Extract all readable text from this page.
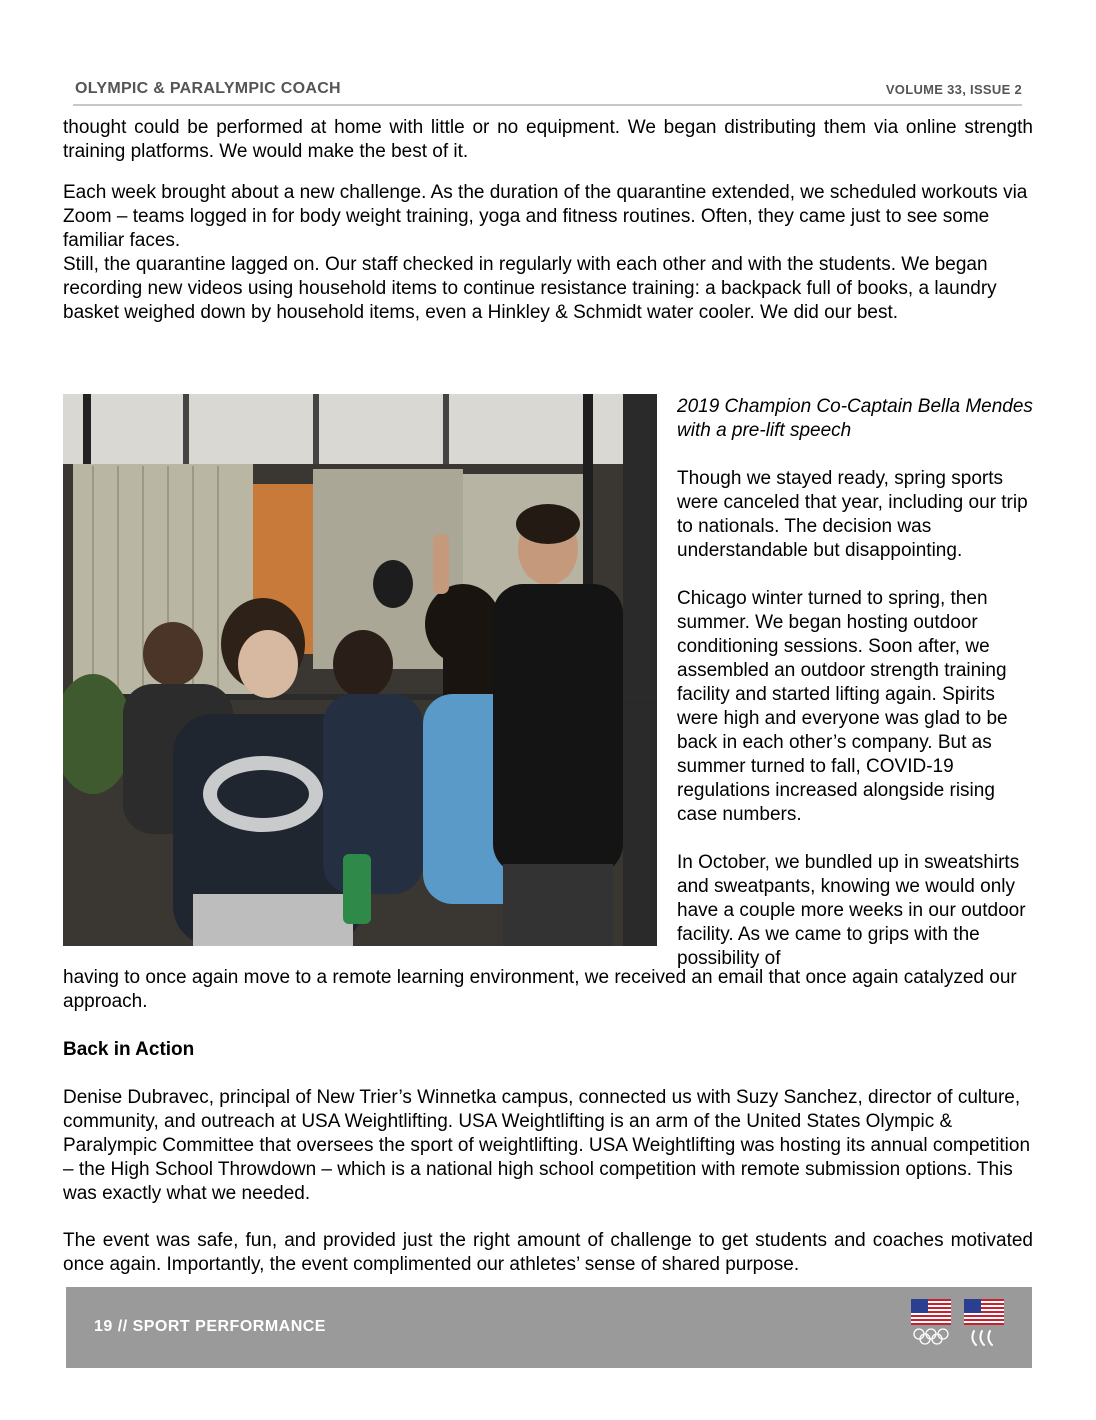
OLYMPIC & PARALYMPIC COACH	VOLUME 33, ISSUE 2

thought could be performed at home with little or no equipment. We began distributing them via online strength training platforms. We would make the best of it.

Each week brought about a new challenge. As the duration of the quarantine extended, we scheduled workouts via Zoom – teams logged in for body weight training, yoga and fitness routines. Often, they came just to see some familiar faces.

Still, the quarantine lagged on. Our staff checked in regularly with each other and with the students. We began recording new videos using household items to continue resistance training: a backpack full of books, a laundry basket weighed down by household items, even a Hinkley & Schmidt water cooler. We did our best.

2019 Champion Co-Captain Bella Mendes with a pre-lift speech

Though we stayed ready, spring sports were canceled that year, including our trip to nationals. The decision was understandable but disappointing.

Chicago winter turned to spring, then summer. We began hosting outdoor conditioning sessions. Soon after, we assembled an outdoor strength training facility and started lifting again. Spirits were high and everyone was glad to be back in each other’s company. But as summer turned to fall, COVID-19 regulations increased alongside rising case numbers.

In October, we bundled up in sweatshirts and sweatpants, knowing we would only have a couple more weeks in our outdoor facility. As we came to grips with the possibility of

having to once again move to a remote learning environment, we received an email that once again catalyzed our approach.

Back in Action

Denise Dubravec, principal of New Trier’s Winnetka campus, connected us with Suzy Sanchez, director of culture, community, and outreach at USA Weightlifting. USA Weightlifting is an arm of the United States Olympic & Paralympic Committee that oversees the sport of weightlifting. USA Weightlifting was hosting its annual competition – the High School Throwdown – which is a national high school competition with remote submission options. This was exactly what we needed.

The event was safe, fun, and provided just the right amount of challenge to get students and coaches motivated once again. Importantly, the event complimented our athletes’ sense of shared purpose.

19 // SPORT PERFORMANCE
